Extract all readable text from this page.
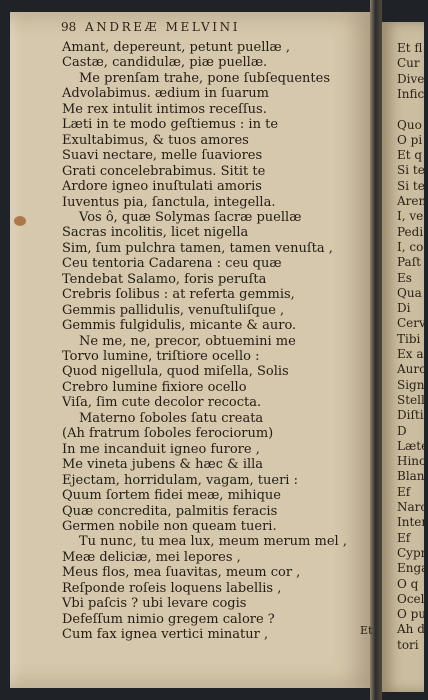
98 ANDREÆ MELVINI
Amant, depereunt, petunt puellæ ,
Castæ, candidulæ, piæ puellæ.
Me prenſam trahe, pone ſubſequentes
Advolabimus. ædium in ſuarum
Me rex intulit intimos receſſus.
Læti in te modo geſtiemus : in te
Exultabimus, & tuos amores
Suavi nectare, melle ſuaviores
Grati concelebrabimus. Sitit te
Ardore igneo inuſtulati amoris
Iuventus pia, ſanctula, integella.
Vos ô, quæ Solymas ſacræ puellæ
Sacras incolitis, licet nigella
Sim, ſum pulchra tamen, tamen venuſta ,
Ceu tentoria Cadarena : ceu quæ
Tendebat Salamo, foris peruſta
Crebris ſolibus : at referta gemmis,
Gemmis pallidulis, venuſtuliſque ,
Gemmis fulgidulis, micante & auro.
Ne me, ne, precor, obtuemini me
Torvo lumine, triſtiore ocello :
Quod nigellula, quod miſella, Solis
Crebro lumine fixiore ocello
Viſa, ſim cute decolor recocta.
Materno ſoboles ſatu creata
(Ah fratrum ſoboles ferociorum)
In me incanduit igneo furore ,
Me vineta jubens & hæc & illa
Ejectam, horridulam, vagam, tueri :
Quum ſortem fidei meæ, mihique
Quæ concredita, palmitis feracis
Germen nobile non queam tueri.
Tu nunc, tu mea lux, meum merum mel ,
Meæ deliciæ, mei lepores ,
Meus flos, mea ſuavitas, meum cor ,
Reſponde roſeis loquens labellis ,
Vbi paſcis ? ubi levare cogis
Defeſſum nimio gregem calore ?
Cum fax ignea vertici minatur ,
Et fl
Cur
Dive
Infic
Quo
O pi
Et q
Si te
Si te
Aren
I, ve
Pedi
I, co
Paſt
Es
Qua
Di
Cerv
Tibi
Ex a
Aurc
Sign
Stell
Diſti
D
Læte
Hinc
Blan
Ef
Narc
Inter
Ef
Cypr
Enga
O q
Ocel
O pu
Ah d
tori
Et
